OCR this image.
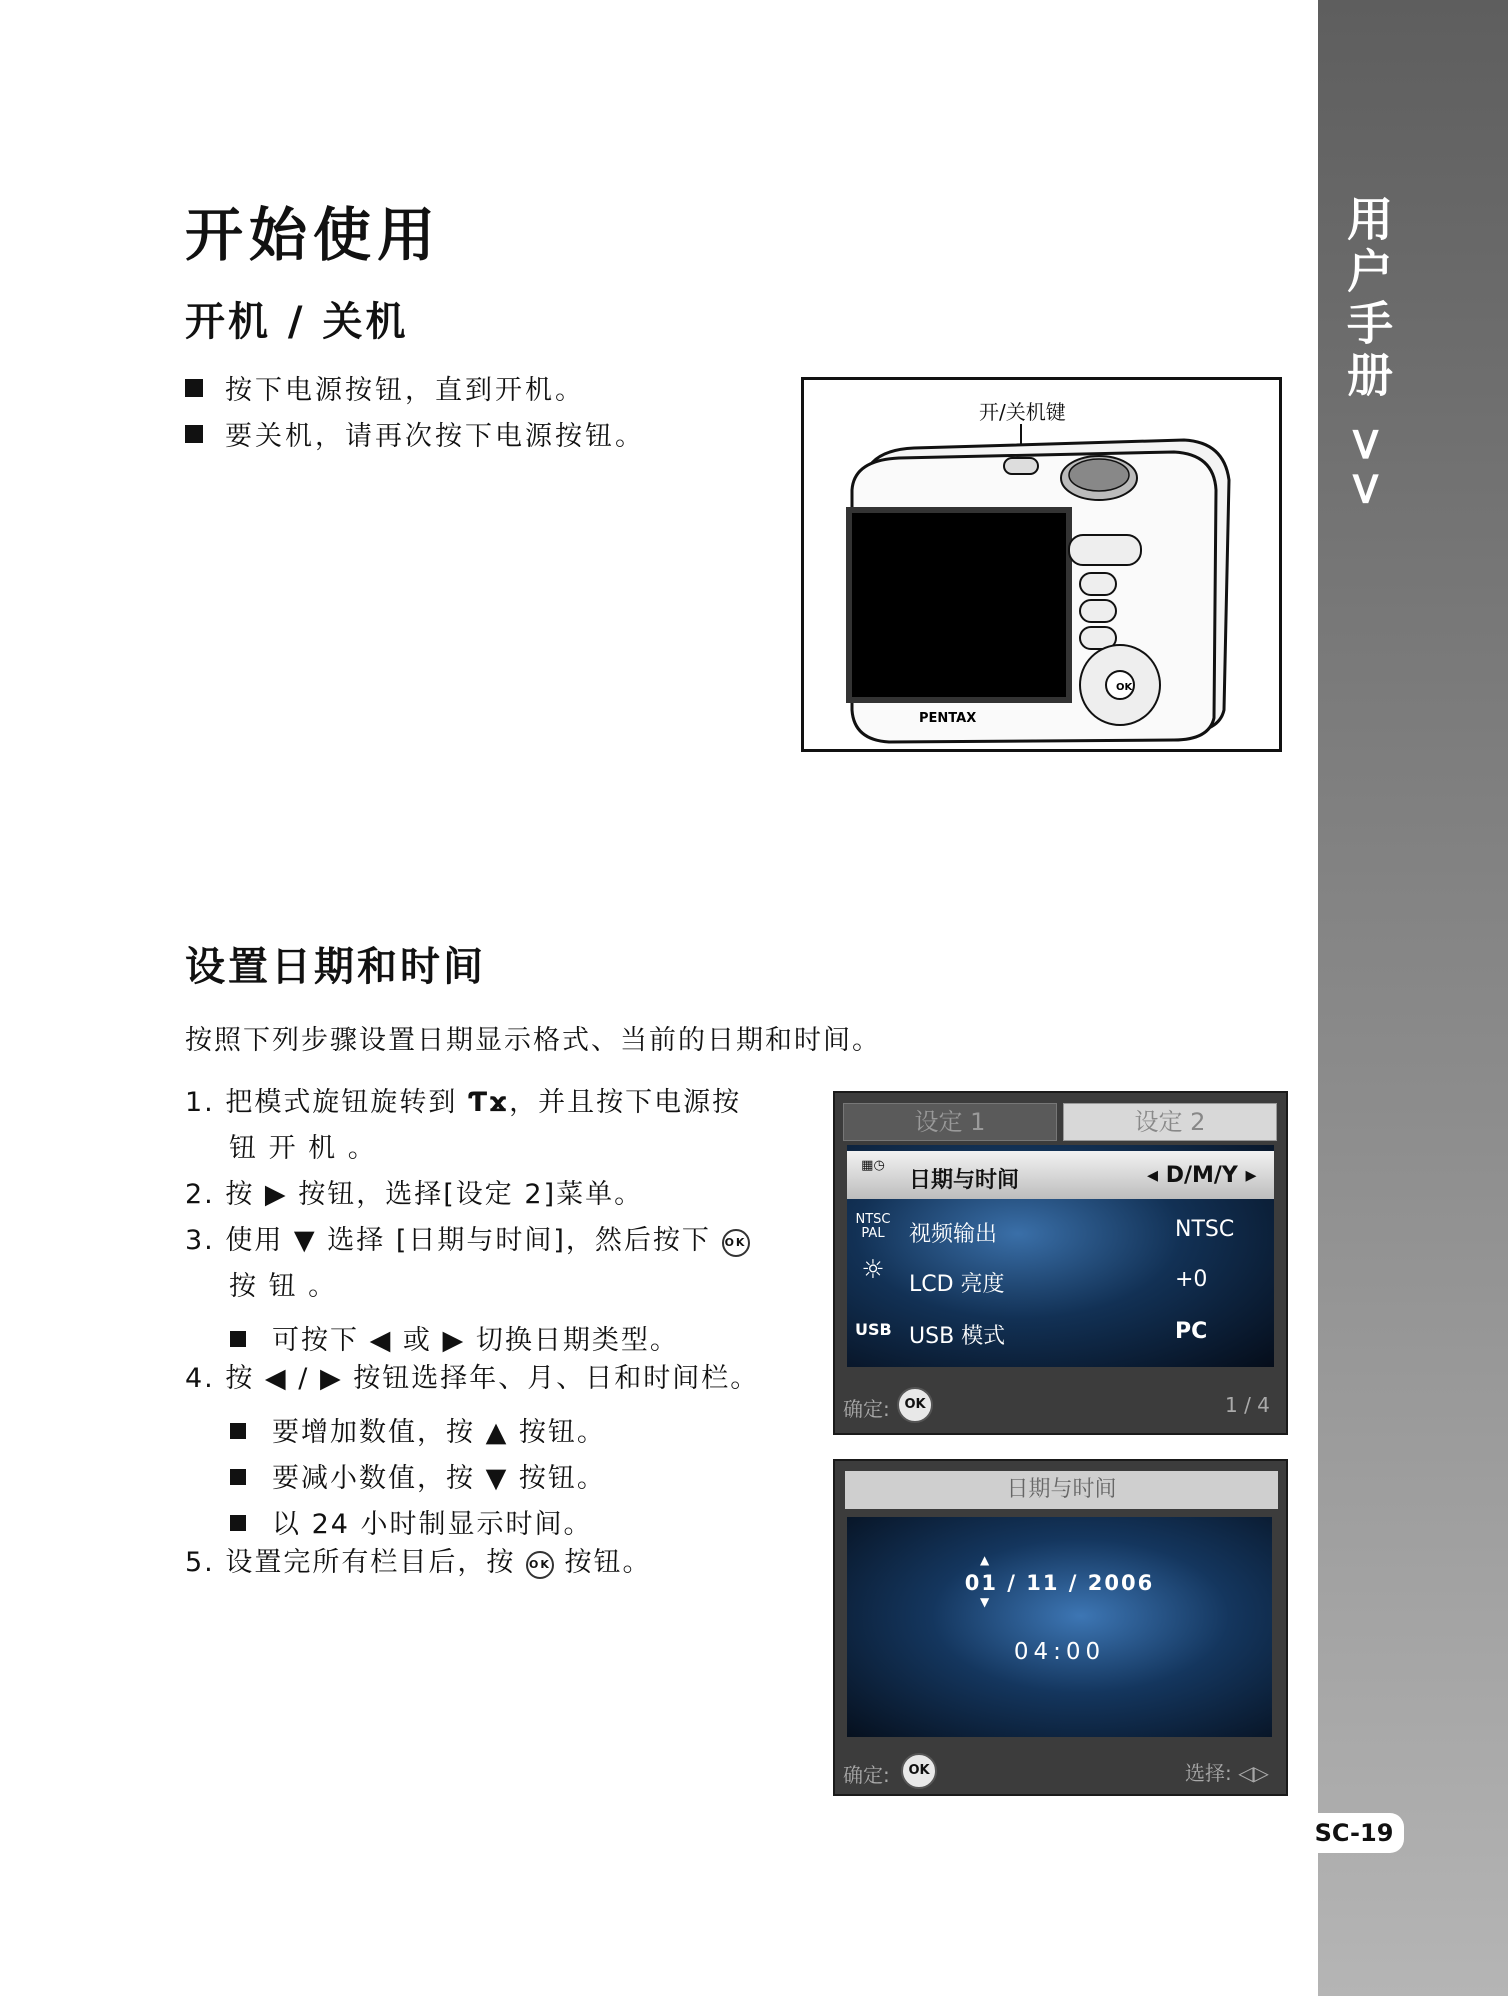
用户手册 >>
开始使用
开机 / 关机
按下电源按钮，直到开机。
要关机，请再次按下电源按钮。
开/关机键
OK
PENTAX
设置日期和时间
按照下列步骤设置日期显示格式、当前的日期和时间。
1. 把模式旋钮旋转到 Ƭϫ，并且按下电源按
钮 开 机 。
2. 按 ▶ 按钮，选择[设定 2]菜单。
3. 使用 ▼ 选择 [日期与时间]，然后按下 OK
按 钮 。
可按下 ◀ 或 ▶ 切换日期类型。
4. 按 ◀ / ▶ 按钮选择年、月、日和时间栏。
要增加数值，按 ▲ 按钮。
要减小数值，按 ▼ 按钮。
以 24 小时制显示时间。
5. 设置完所有栏目后，按 OK 按钮。
设定 1	设定 2
▦◷
日期与时间	◂ D/M/Y ▸
NTSC
PAL 视频输出	NTSC
☼ LCD 亮度	+0
USB USB 模式	PC
确定:	OK	1 / 4
日期与时间
▲
01 / 11 / 2006
▼
04:00
确定:	OK	选择: ◁▷
SC-19
